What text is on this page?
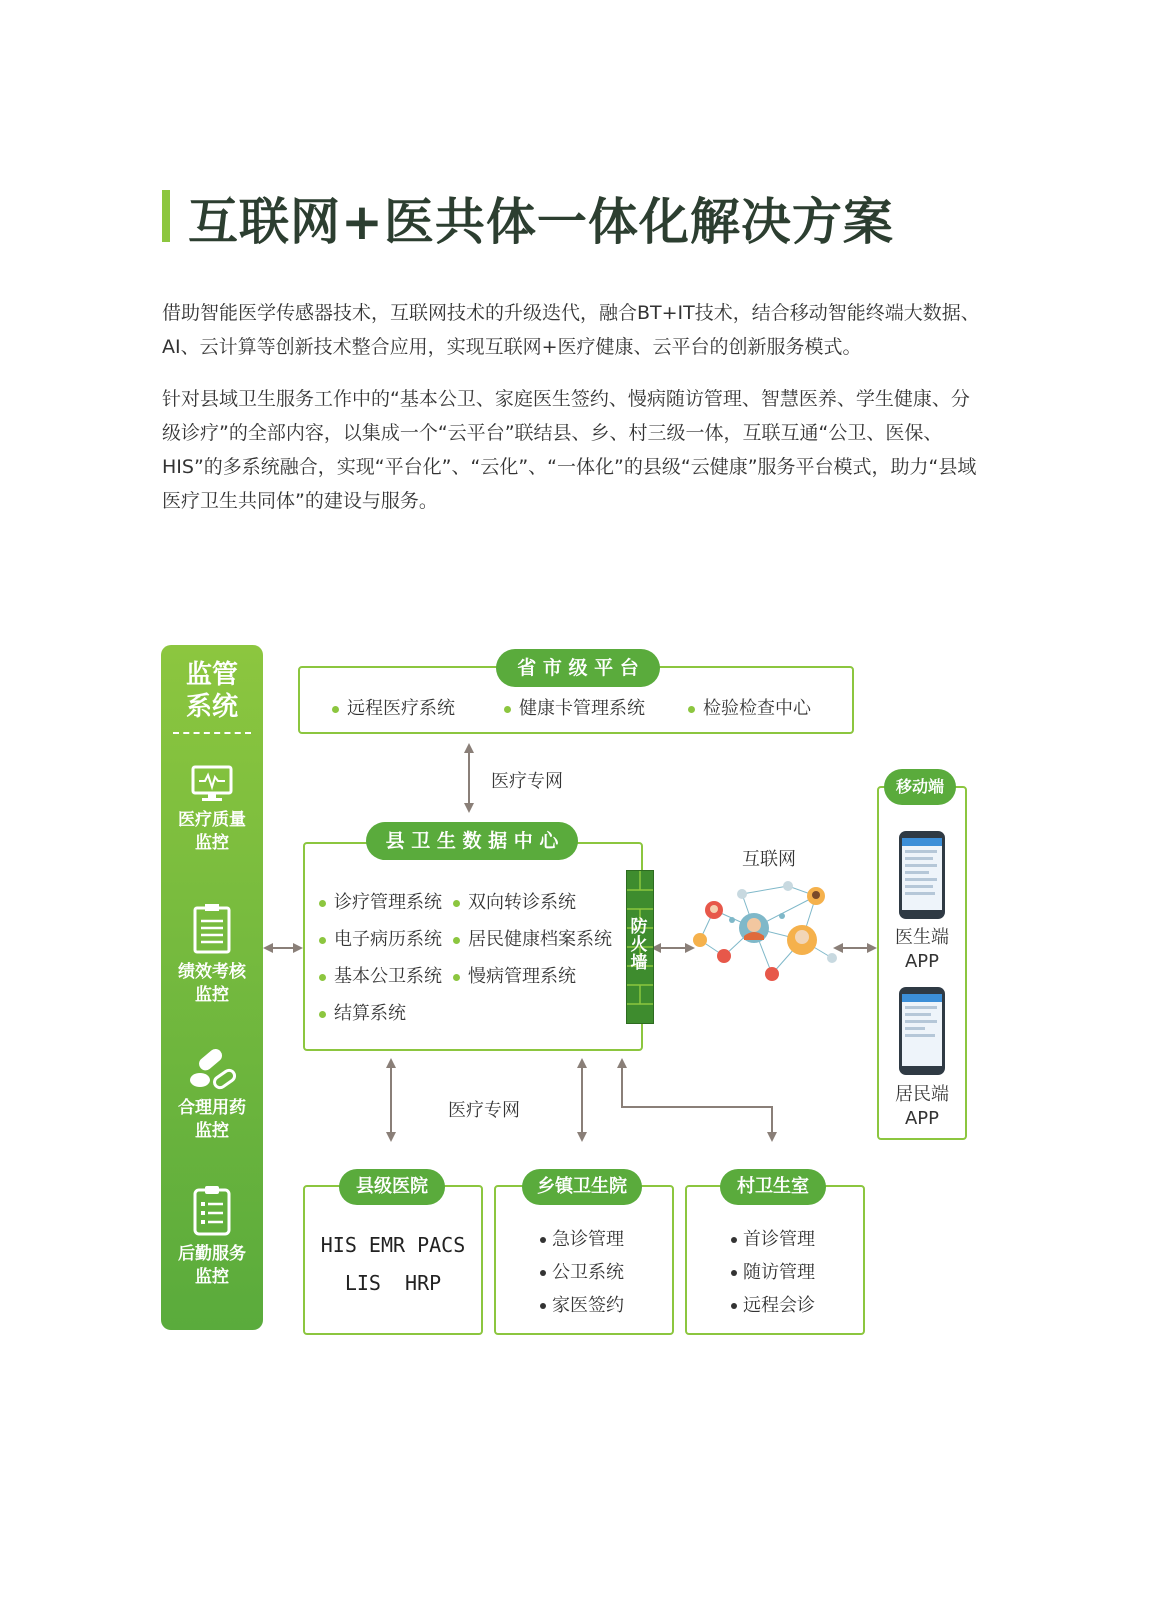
互联网+医共体一体化解决方案
借助智能医学传感器技术，互联网技术的升级迭代，融合BT+IT技术，结合移动智能终端大数据、AI、云计算等创新技术整合应用，实现互联网+医疗健康、云平台的创新服务模式。
针对县域卫生服务工作中的“基本公卫、家庭医生签约、慢病随访管理、智慧医养、学生健康、分级诊疗”的全部内容，以集成一个“云平台”联结县、乡、村三级一体，互联互通“公卫、医保、HIS”的多系统融合，实现“平台化”、“云化”、“一体化”的县级“云健康”服务平台模式，助力“县域医疗卫生共同体”的建设与服务。
监管
系统
医疗质量
监控
绩效考核
监控
合理用药
监控
后勤服务
监控
远程医疗系统	健康卡管理系统	检验检查中心
省 市 级 平 台
医疗专网
诊疗管理系统
电子病历系统
基本公卫系统
结算系统
双向转诊系统
居民健康档案系统
慢病管理系统
县 卫 生 数 据 中 心
防
火
墙
互联网
医生端
APP
居民端
APP
移动端
医疗专网
HIS EMR PACS
LIS  HRP
县级医院
急诊管理
公卫系统
家医签约
乡镇卫生院
首诊管理
随访管理
远程会诊
村卫生室
